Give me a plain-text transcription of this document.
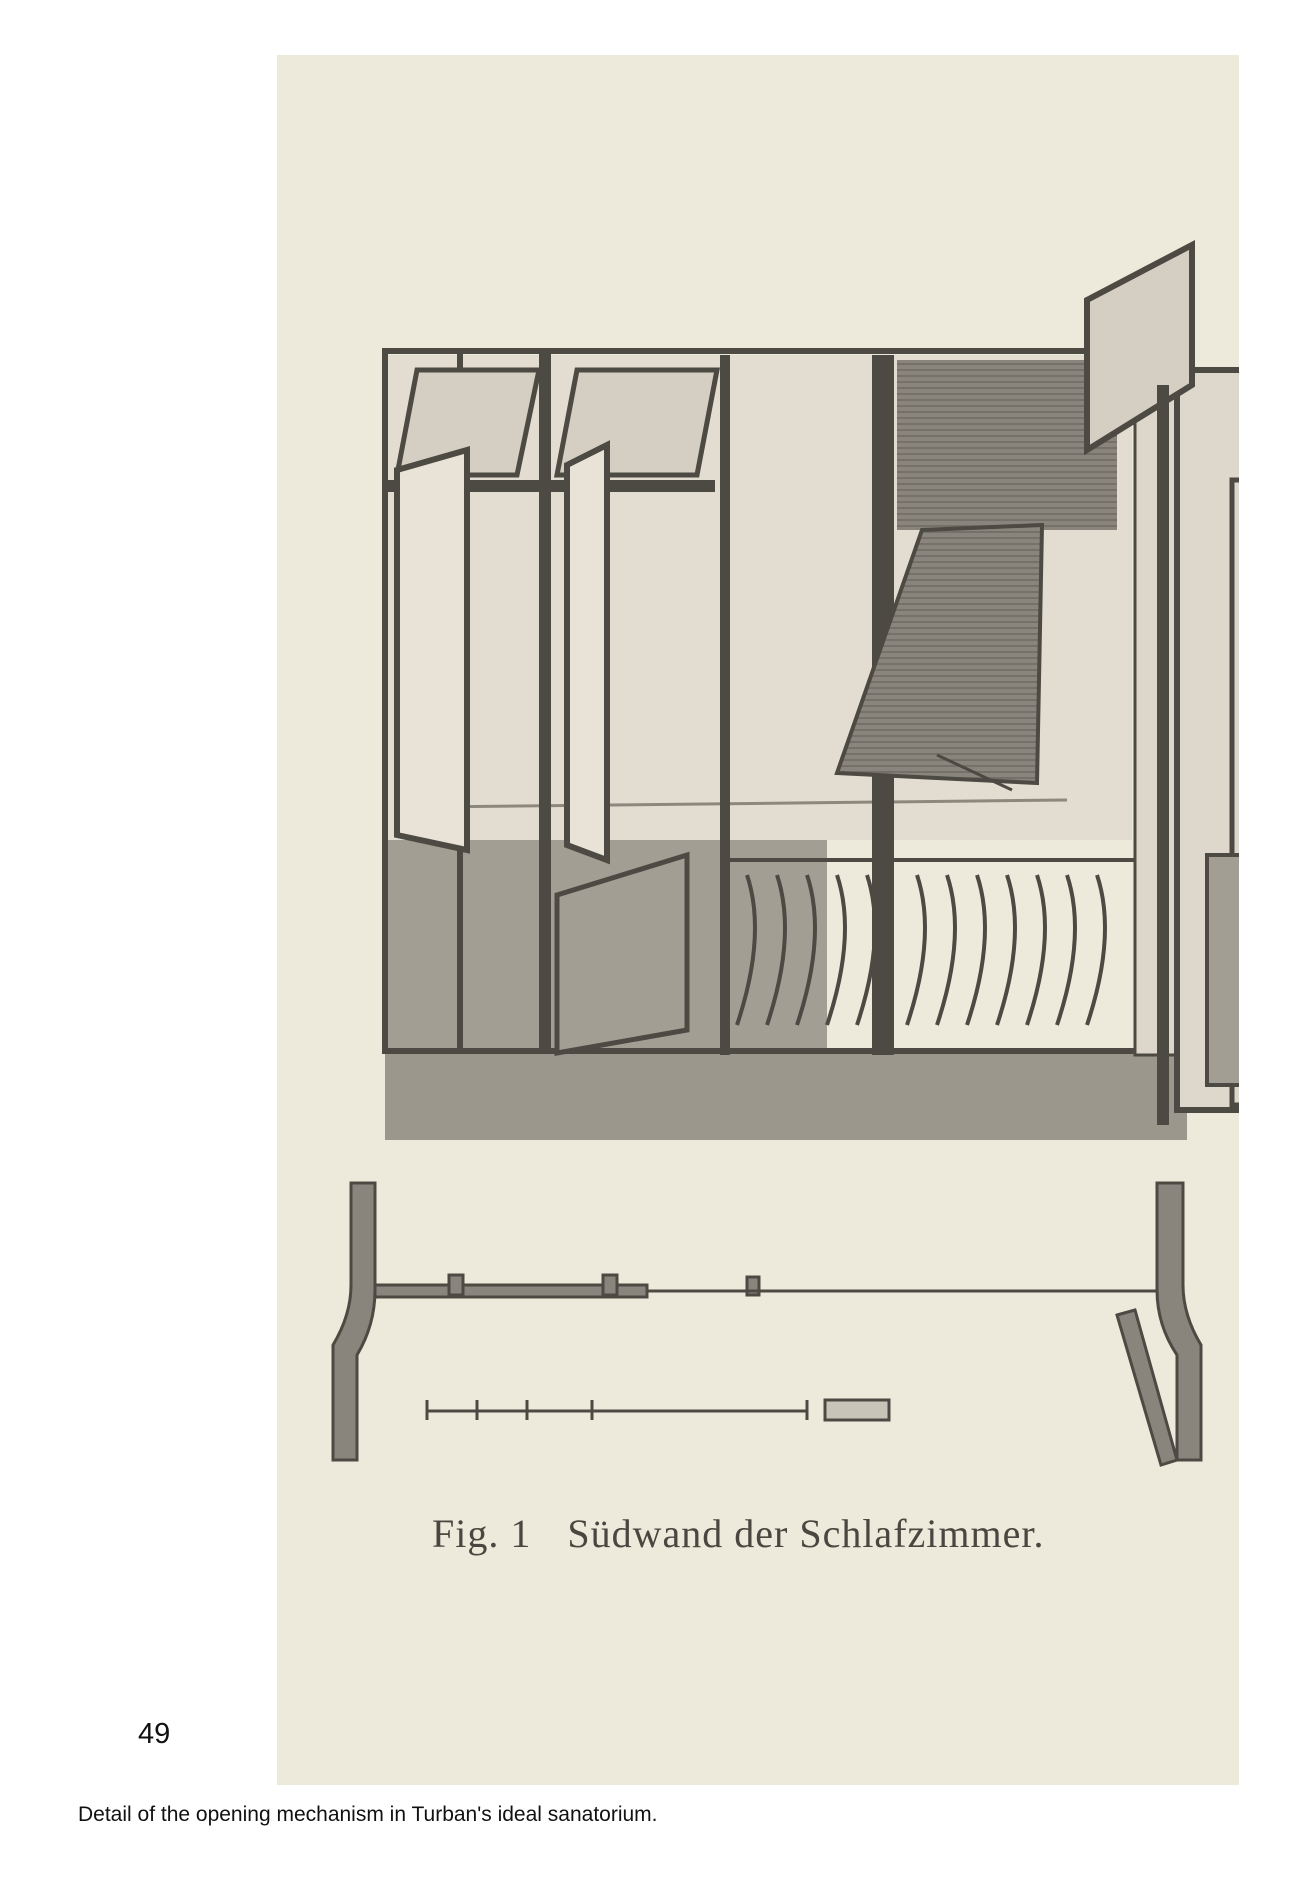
Fig. 1 Südwand der Schlafzimmer.
49
Detail of the opening mechanism in Turban's ideal sanatorium.
